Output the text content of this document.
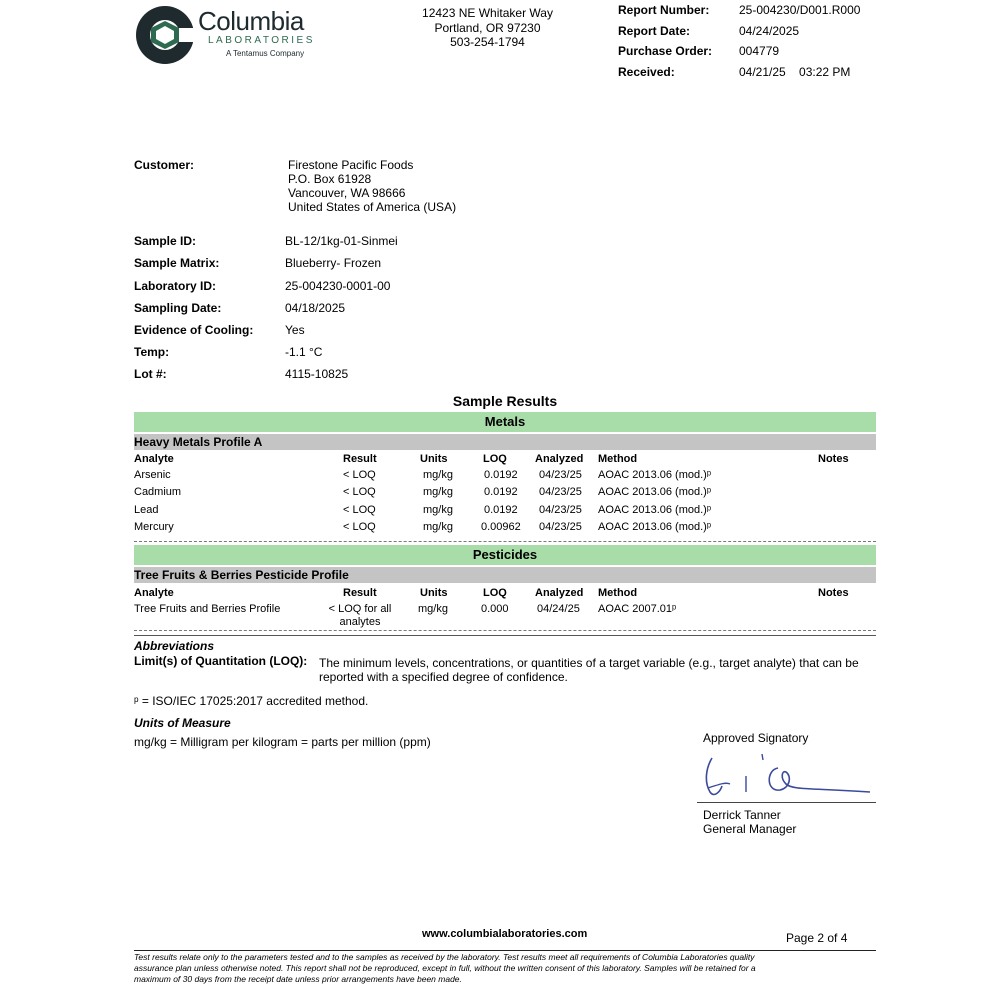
Columbia
LABORATORIES
A Tentamus Company
12423 NE Whitaker Way
Portland, OR 97230
503-254-1794
Report Number: 25-004230/D001.R000
Report Date:	04/24/2025
Purchase Order: 004779
Received:	04/21/25    03:22 PM
Customer:	Firestone Pacific Foods
P.O. Box 61928
Vancouver, WA 98666
United States of America (USA)
Sample ID:	BL-12/1kg-01-Sinmei
Sample Matrix:	Blueberry- Frozen
Laboratory ID:	25-004230-0001-00
Sampling Date:	04/18/2025
Evidence of Cooling:	Yes
Temp:	-1.1 °C
Lot #:	4115-10825
Sample Results
Metals
Heavy Metals Profile A
Analyte	Result	Units	LOQ	Analyzed Method	Notes
Arsenic	< LOQ	mg/kg	0.0192 04/23/25 AOAC 2013.06 (mod.)ᵖ
Cadmium	< LOQ	mg/kg	0.0192 04/23/25 AOAC 2013.06 (mod.)ᵖ
Lead	< LOQ	mg/kg	0.0192 04/23/25 AOAC 2013.06 (mod.)ᵖ
Mercury	< LOQ	mg/kg	0.00962 04/23/25 AOAC 2013.06 (mod.)ᵖ
Pesticides
Tree Fruits & Berries Pesticide Profile
Analyte	Result	Units	LOQ	Analyzed Method	Notes
Tree Fruits and Berries Profile	< LOQ for all
analytes
mg/kg	0.000	04/24/25 AOAC 2007.01ᵖ
Abbreviations
Limit(s) of Quantitation (LOQ): The minimum levels, concentrations, or quantities of a target variable (e.g., target analyte) that can be
reported with a specified degree of confidence.
ᵖ = ISO/IEC 17025:2017 accredited method.
Units of Measure
mg/kg = Milligram per kilogram = parts per million (ppm)	Approved Signatory
Derrick Tanner
General Manager
www.columbialaboratories.com	Page 2 of 4
Test results relate only to the parameters tested and to the samples as received by the laboratory. Test results meet all requirements of Columbia Laboratories quality
assurance plan unless otherwise noted. This report shall not be reproduced, except in full, without the written consent of this laboratory. Samples will be retained for a
maximum of 30 days from the receipt date unless prior arrangements have been made.
